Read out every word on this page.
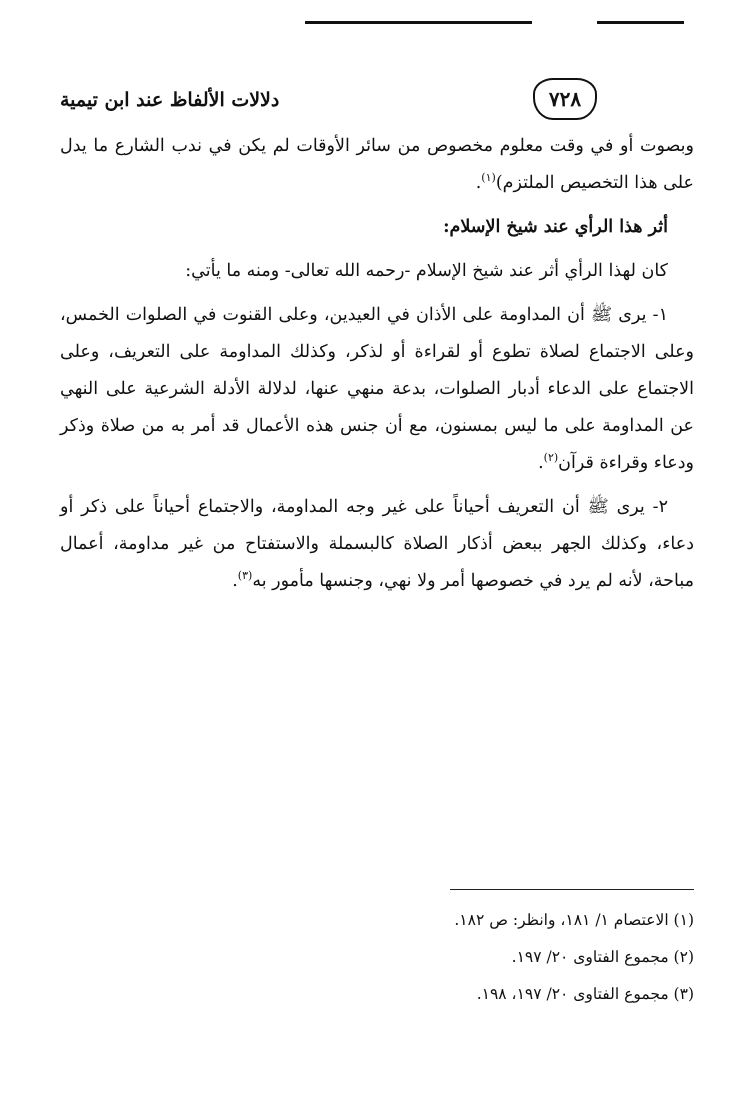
٧٢٨
دلالات الألفاظ عند ابن تيمية

وبصوت أو في وقت معلوم مخصوص من سائر الأوقات لم يكن في ندب الشارع ما يدل على هذا التخصيص الملتزم)$^{(١)}$.

أثر هذا الرأي عند شيخ الإسلام:

كان لهذا الرأي أثر عند شيخ الإسلام -رحمه الله تعالى- ومنه ما يأتي:

١- يرى ﷺ أن المداومة على الأذان في العيدين، وعلى القنوت في الصلوات الخمس، وعلى الاجتماع لصلاة تطوع أو لقراءة أو لذكر، وكذلك المداومة على التعريف، وعلى الاجتماع على الدعاء أدبار الصلوات، بدعة منهي عنها، لدلالة الأدلة الشرعية على النهي عن المداومة على ما ليس بمسنون، مع أن جنس هذه الأعمال قد أمر به من صلاة وذكر ودعاء وقراءة قرآن$^{(٢)}$.

٢- يرى ﷺ أن التعريف أحياناً على غير وجه المداومة، والاجتماع أحياناً على ذكر أو دعاء، وكذلك الجهر ببعض أذكار الصلاة كالبسملة والاستفتاح من غير مداومة، أعمال مباحة، لأنه لم يرد في خصوصها أمر ولا نهي، وجنسها مأمور به$^{(٣)}$.

(١) الاعتصام ١/ ١٨١، وانظر: ص ١٨٢.

(٢) مجموع الفتاوى ٢٠/ ١٩٧.

(٣) مجموع الفتاوى ٢٠/ ١٩٧، ١٩٨.
